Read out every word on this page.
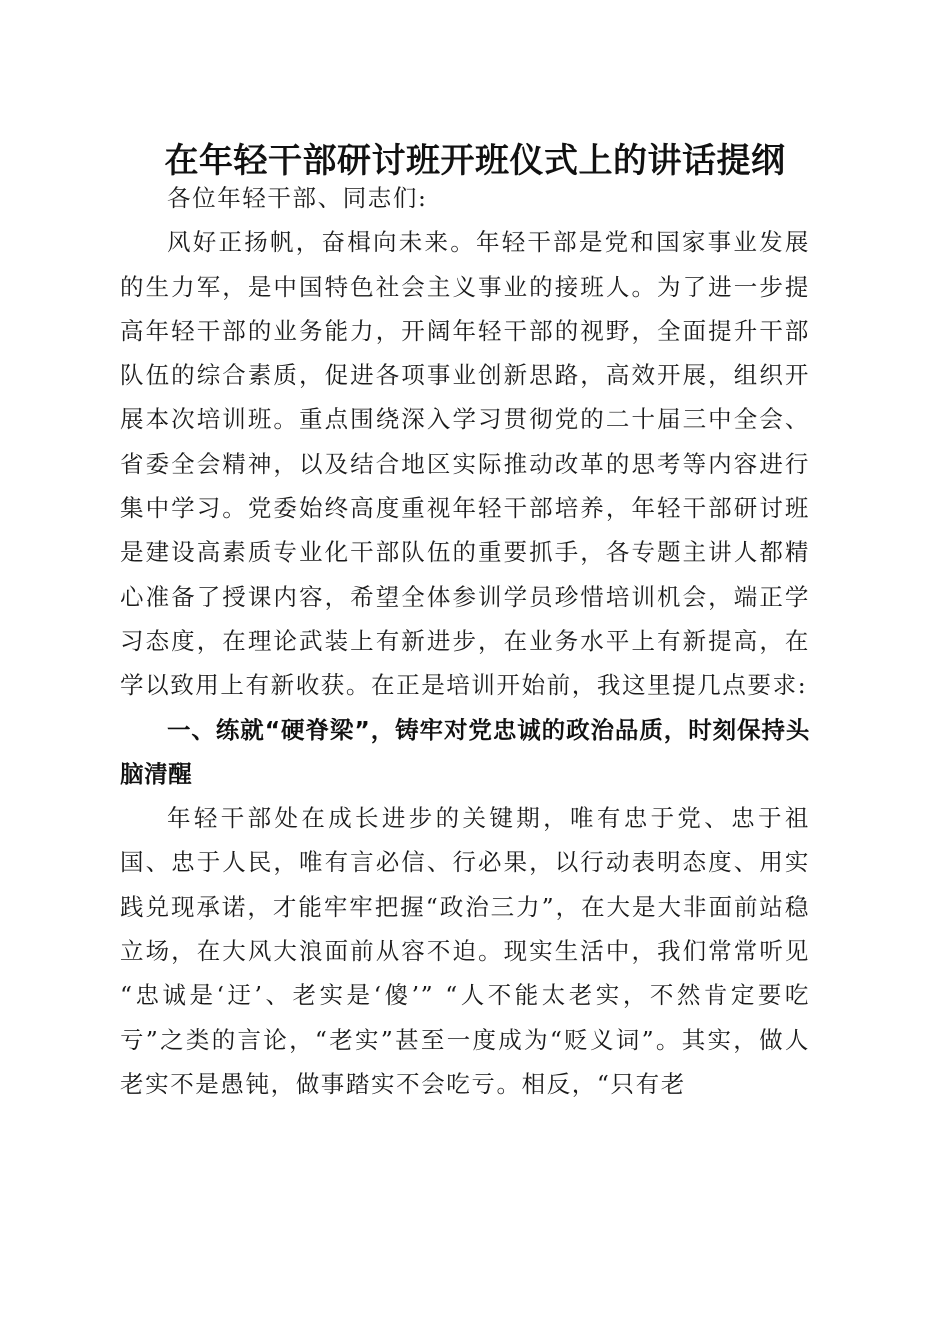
在年轻干部研讨班开班仪式上的讲话提纲

各位年轻干部、同志们:

风好正扬帆，奋楫向未来。年轻干部是党和国家事业发展的生力军，是中国特色社会主义事业的接班人。为了进一步提高年轻干部的业务能力，开阔年轻干部的视野，全面提升干部队伍的综合素质，促进各项事业创新思路，高效开展，组织开展本次培训班。重点围绕深入学习贯彻党的二十届三中全会、省委全会精神，以及结合地区实际推动改革的思考等内容进行集中学习。党委始终高度重视年轻干部培养，年轻干部研讨班是建设高素质专业化干部队伍的重要抓手，各专题主讲人都精心准备了授课内容，希望全体参训学员珍惜培训机会，端正学习态度，在理论武装上有新进步，在业务水平上有新提高，在学以致用上有新收获。在正是培训开始前，我这里提几点要求:

一、练就“硬脊梁”，铸牢对党忠诚的政治品质，时刻保持头脑清醒

年轻干部处在成长进步的关键期，唯有忠于党、忠于祖国、忠于人民，唯有言必信、行必果，以行动表明态度、用实践兑现承诺，才能牢牢把握“政治三力”，在大是大非面前站稳立场，在大风大浪面前从容不迫。现实生活中，我们常常听见 “忠诚是‘迂’、老实是‘傻’” “人不能太老实，不然肯定要吃亏”之类的言论，“老实”甚至一度成为“贬义词”。其实，做人老实不是愚钝，做事踏实不会吃亏。相反，“只有老
